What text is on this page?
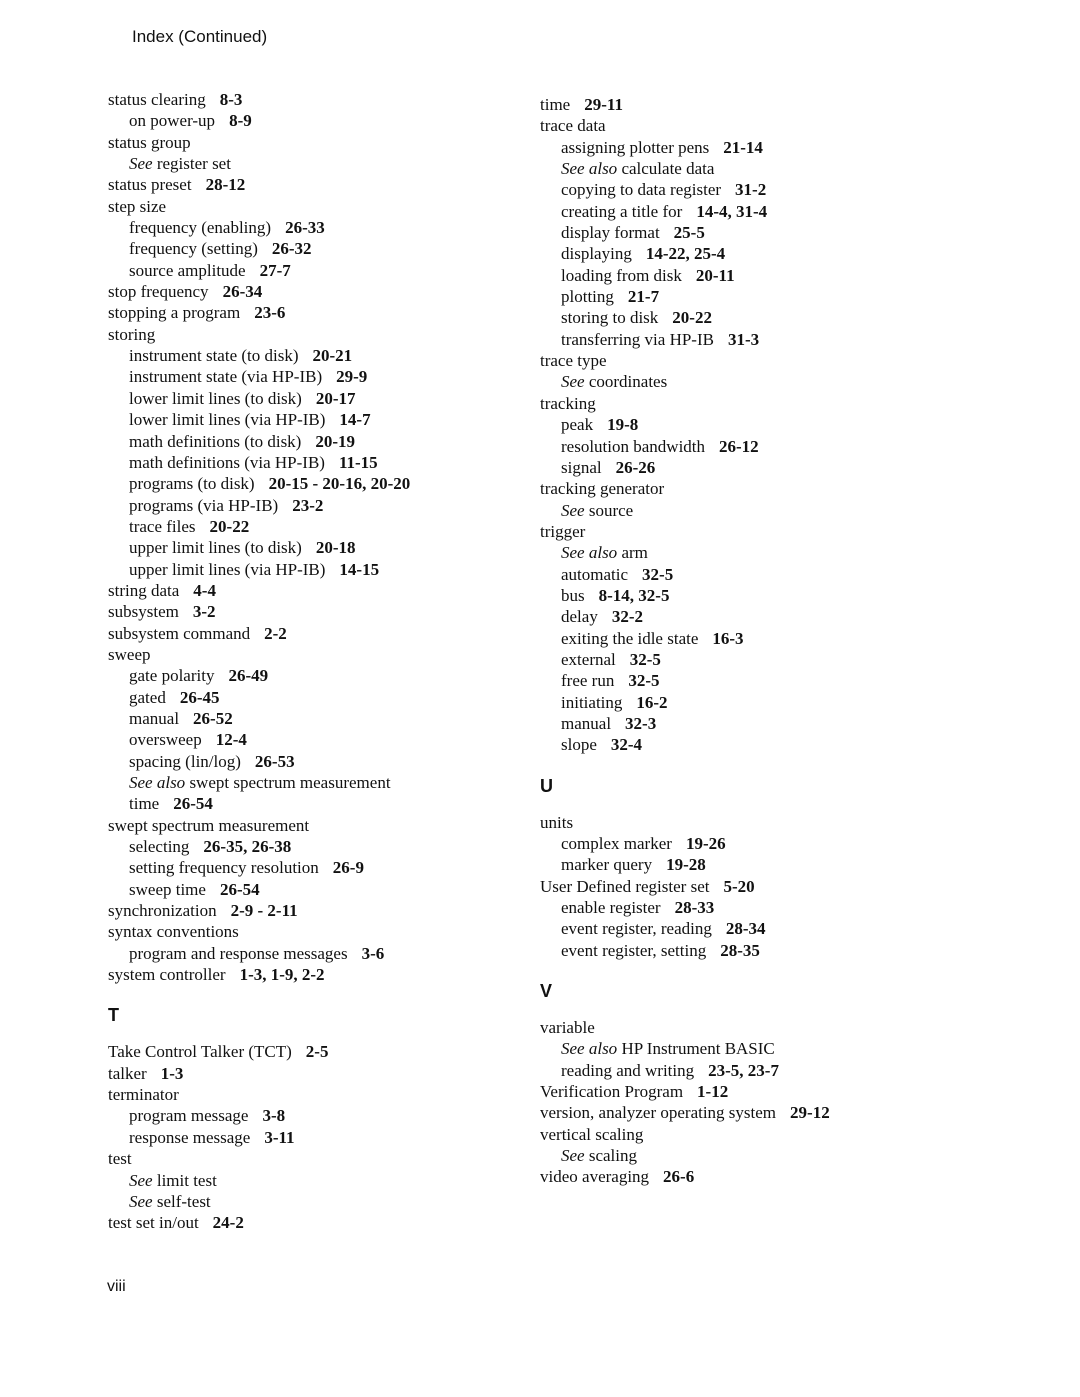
Index (Continued)
status clearing 8-3
on power-up 8-9
status group
See register set
status preset 28-12
step size
frequency (enabling) 26-33
frequency (setting) 26-32
source amplitude 27-7
stop frequency 26-34
stopping a program 23-6
storing
instrument state (to disk) 20-21
instrument state (via HP-IB) 29-9
lower limit lines (to disk) 20-17
lower limit lines (via HP-IB) 14-7
math definitions (to disk) 20-19
math definitions (via HP-IB) 11-15
programs (to disk) 20-15 - 20-16, 20-20
programs (via HP-IB) 23-2
trace files 20-22
upper limit lines (to disk) 20-18
upper limit lines (via HP-IB) 14-15
string data 4-4
subsystem 3-2
subsystem command 2-2
sweep
gate polarity 26-49
gated 26-45
manual 26-52
oversweep 12-4
spacing (lin/log) 26-53
See also swept spectrum measurement
time 26-54
swept spectrum measurement
selecting 26-35, 26-38
setting frequency resolution 26-9
sweep time 26-54
synchronization 2-9 - 2-11
syntax conventions
program and response messages 3-6
system controller 1-3, 1-9, 2-2
T
Take Control Talker (TCT) 2-5
talker 1-3
terminator
program message 3-8
response message 3-11
test
See limit test
See self-test
test set in/out 24-2
time 29-11
trace data
assigning plotter pens 21-14
See also calculate data
copying to data register 31-2
creating a title for 14-4, 31-4
display format 25-5
displaying 14-22, 25-4
loading from disk 20-11
plotting 21-7
storing to disk 20-22
transferring via HP-IB 31-3
trace type
See coordinates
tracking
peak 19-8
resolution bandwidth 26-12
signal 26-26
tracking generator
See source
trigger
See also arm
automatic 32-5
bus 8-14, 32-5
delay 32-2
exiting the idle state 16-3
external 32-5
free run 32-5
initiating 16-2
manual 32-3
slope 32-4
U
units
complex marker 19-26
marker query 19-28
User Defined register set 5-20
enable register 28-33
event register, reading 28-34
event register, setting 28-35
V
variable
See also HP Instrument BASIC
reading and writing 23-5, 23-7
Verification Program 1-12
version, analyzer operating system 29-12
vertical scaling
See scaling
video averaging 26-6
viii
